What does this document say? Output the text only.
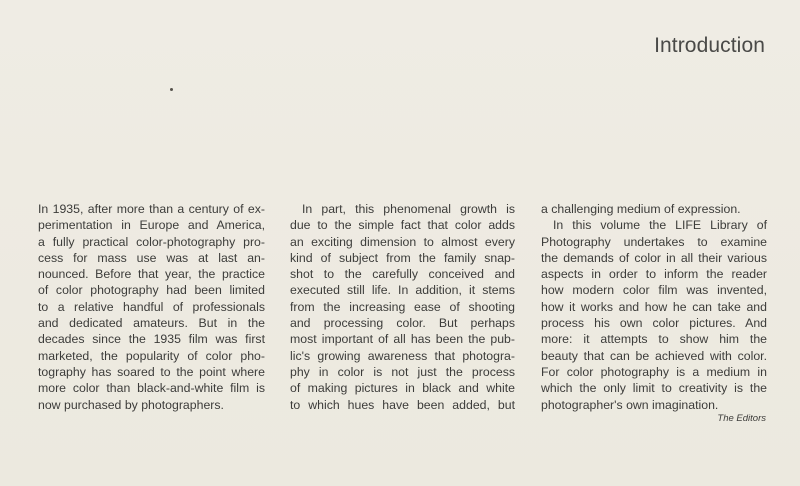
Introduction
In 1935, after more than a century of ex-
perimentation in Europe and America,
a fully practical color-photography pro-
cess for mass use was at last an-
nounced. Before that year, the practice
of color photography had been limited
to a relative handful of professionals
and dedicated amateurs. But in the
decades since the 1935 film was first
marketed, the popularity of color pho-
tography has soared to the point where
more color than black-and-white film is
now purchased by photographers.
In part, this phenomenal growth is
due to the simple fact that color adds
an exciting dimension to almost every
kind of subject from the family snap-
shot to the carefully conceived and
executed still life. In addition, it stems
from the increasing ease of shooting
and processing color. But perhaps
most important of all has been the pub-
lic's growing awareness that photogra-
phy in color is not just the process
of making pictures in black and white
to which hues have been added, but
a challenging medium of expression.
In this volume the LIFE Library of
Photography undertakes to examine
the demands of color in all their various
aspects in order to inform the reader
how modern color film was invented,
how it works and how he can take and
process his own color pictures. And
more: it attempts to show him the
beauty that can be achieved with color.
For color photography is a medium in
which the only limit to creativity is the
photographer's own imagination.
The Editors
